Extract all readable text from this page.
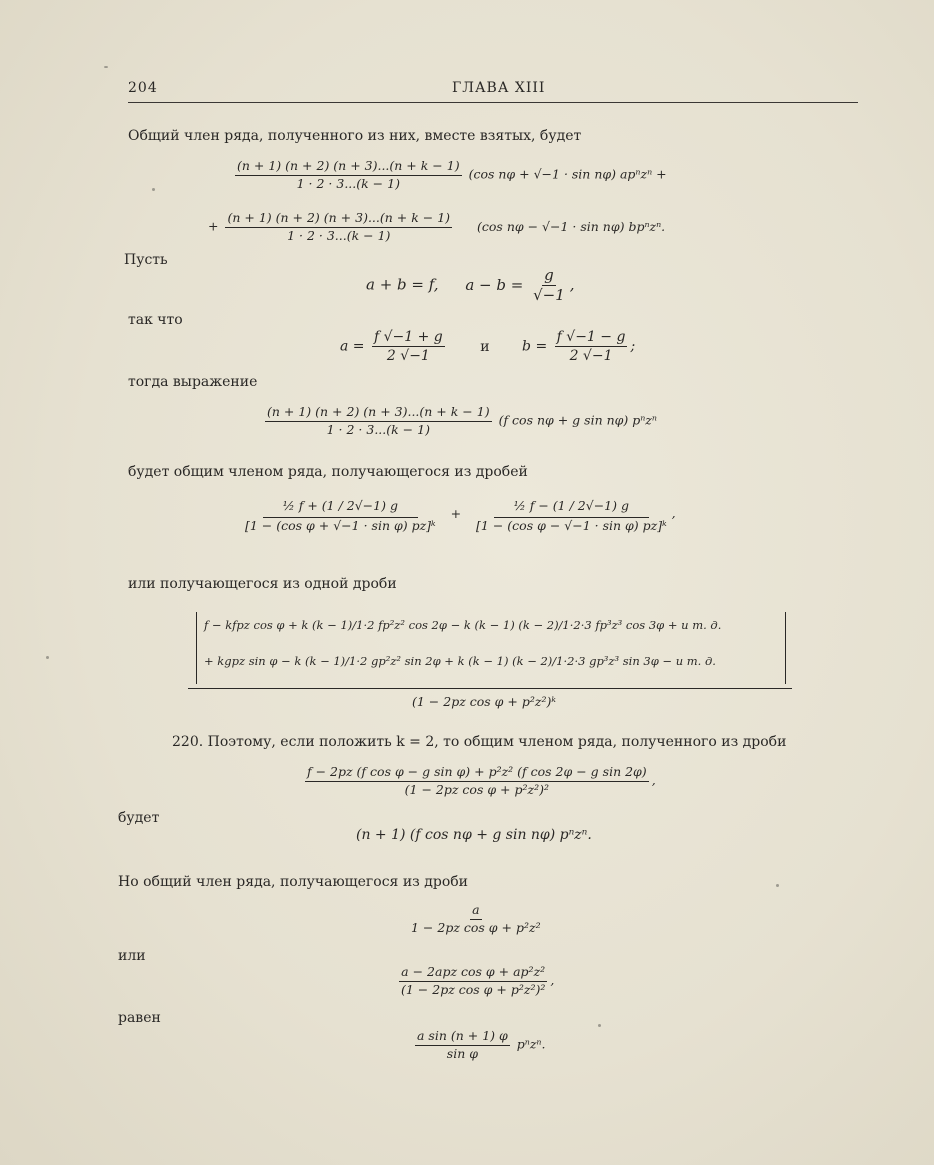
204	ГЛАВА XIII
Общий член ряда, полученного из них, вместе взятых, будет
$\frac{(n + 1) (n + 2) (n + 3)...(n + k - 1)}{1 \cdot 2 \cdot 3...(k - 1)} (\cos$ nφ + √−1 · sin nφ) apⁿzⁿ +
+ $\frac{(n + 1) (n + 2) (n + 3)...(n + k - 1)}{1 \cdot 2 \cdot 3...(k - 1)} (\cos$ nφ − √−1 · sin nφ) bpⁿzⁿ.
Пусть
a + b = f, $a - b = \frac{g}{√-1}$ ,
так что
$a = \frac{f √-1 + g}{2 √-1}$	и $b = \frac{f √-1 - g}{2 √-1}$ ;
тогда выражение
$\frac{(n + 1) (n + 2) (n + 3)...(n + k - 1)}{1 \cdot 2 \cdot 3...(k - 1)} (f$ cos nφ + g sin nφ) pⁿzⁿ
будет общим членом ряда, получающегося из дробей
$\frac{\text{½ f + (1 / 2√−1) g}}{\text{[1 − (cos φ + √−1 · sin φ) pz]ᵏ}} + \frac{\text{½ f − (1 / 2√−1) g}}{\text{[1 − (cos φ − √−1 · sin φ) pz]ᵏ}}$ ,
или получающегося из одной дроби
f − kfpz cos φ + k (k − 1)/1·2 fp²z² cos 2φ − k (k − 1) (k − 2)/1·2·3 fp³z³ cos 3φ + и т. д.
+ kgpz sin φ − k (k − 1)/1·2 gp²z² sin 2φ + k (k − 1) (k − 2)/1·2·3 gp³z³ sin 3φ − и т. д.
(1 − 2pz cos φ + p²z²)ᵏ
220. Поэтому, если положить k = 2, то общим членом ряда, полученного из дроби
$\frac{\text{f − 2pz (f cos φ − g sin φ) + p²z² (f cos 2φ − g sin 2φ)}}{\text{(1 − 2pz cos φ + p²z²)²}}$ ,
будет
(n + 1) (f cos nφ + g sin nφ) pⁿzⁿ.
Но общий член ряда, получающегося из дроби
$\frac{a}{\text{1 − 2pz cos φ + p²z²}}$
или
$\frac{\text{a − 2apz cos φ + ap²z²}}{\text{(1 − 2pz cos φ + p²z²)²}}$ ,
равен
$\frac{\text{a sin (n + 1) φ}}{\text{sin φ}} p^nz^n$.
